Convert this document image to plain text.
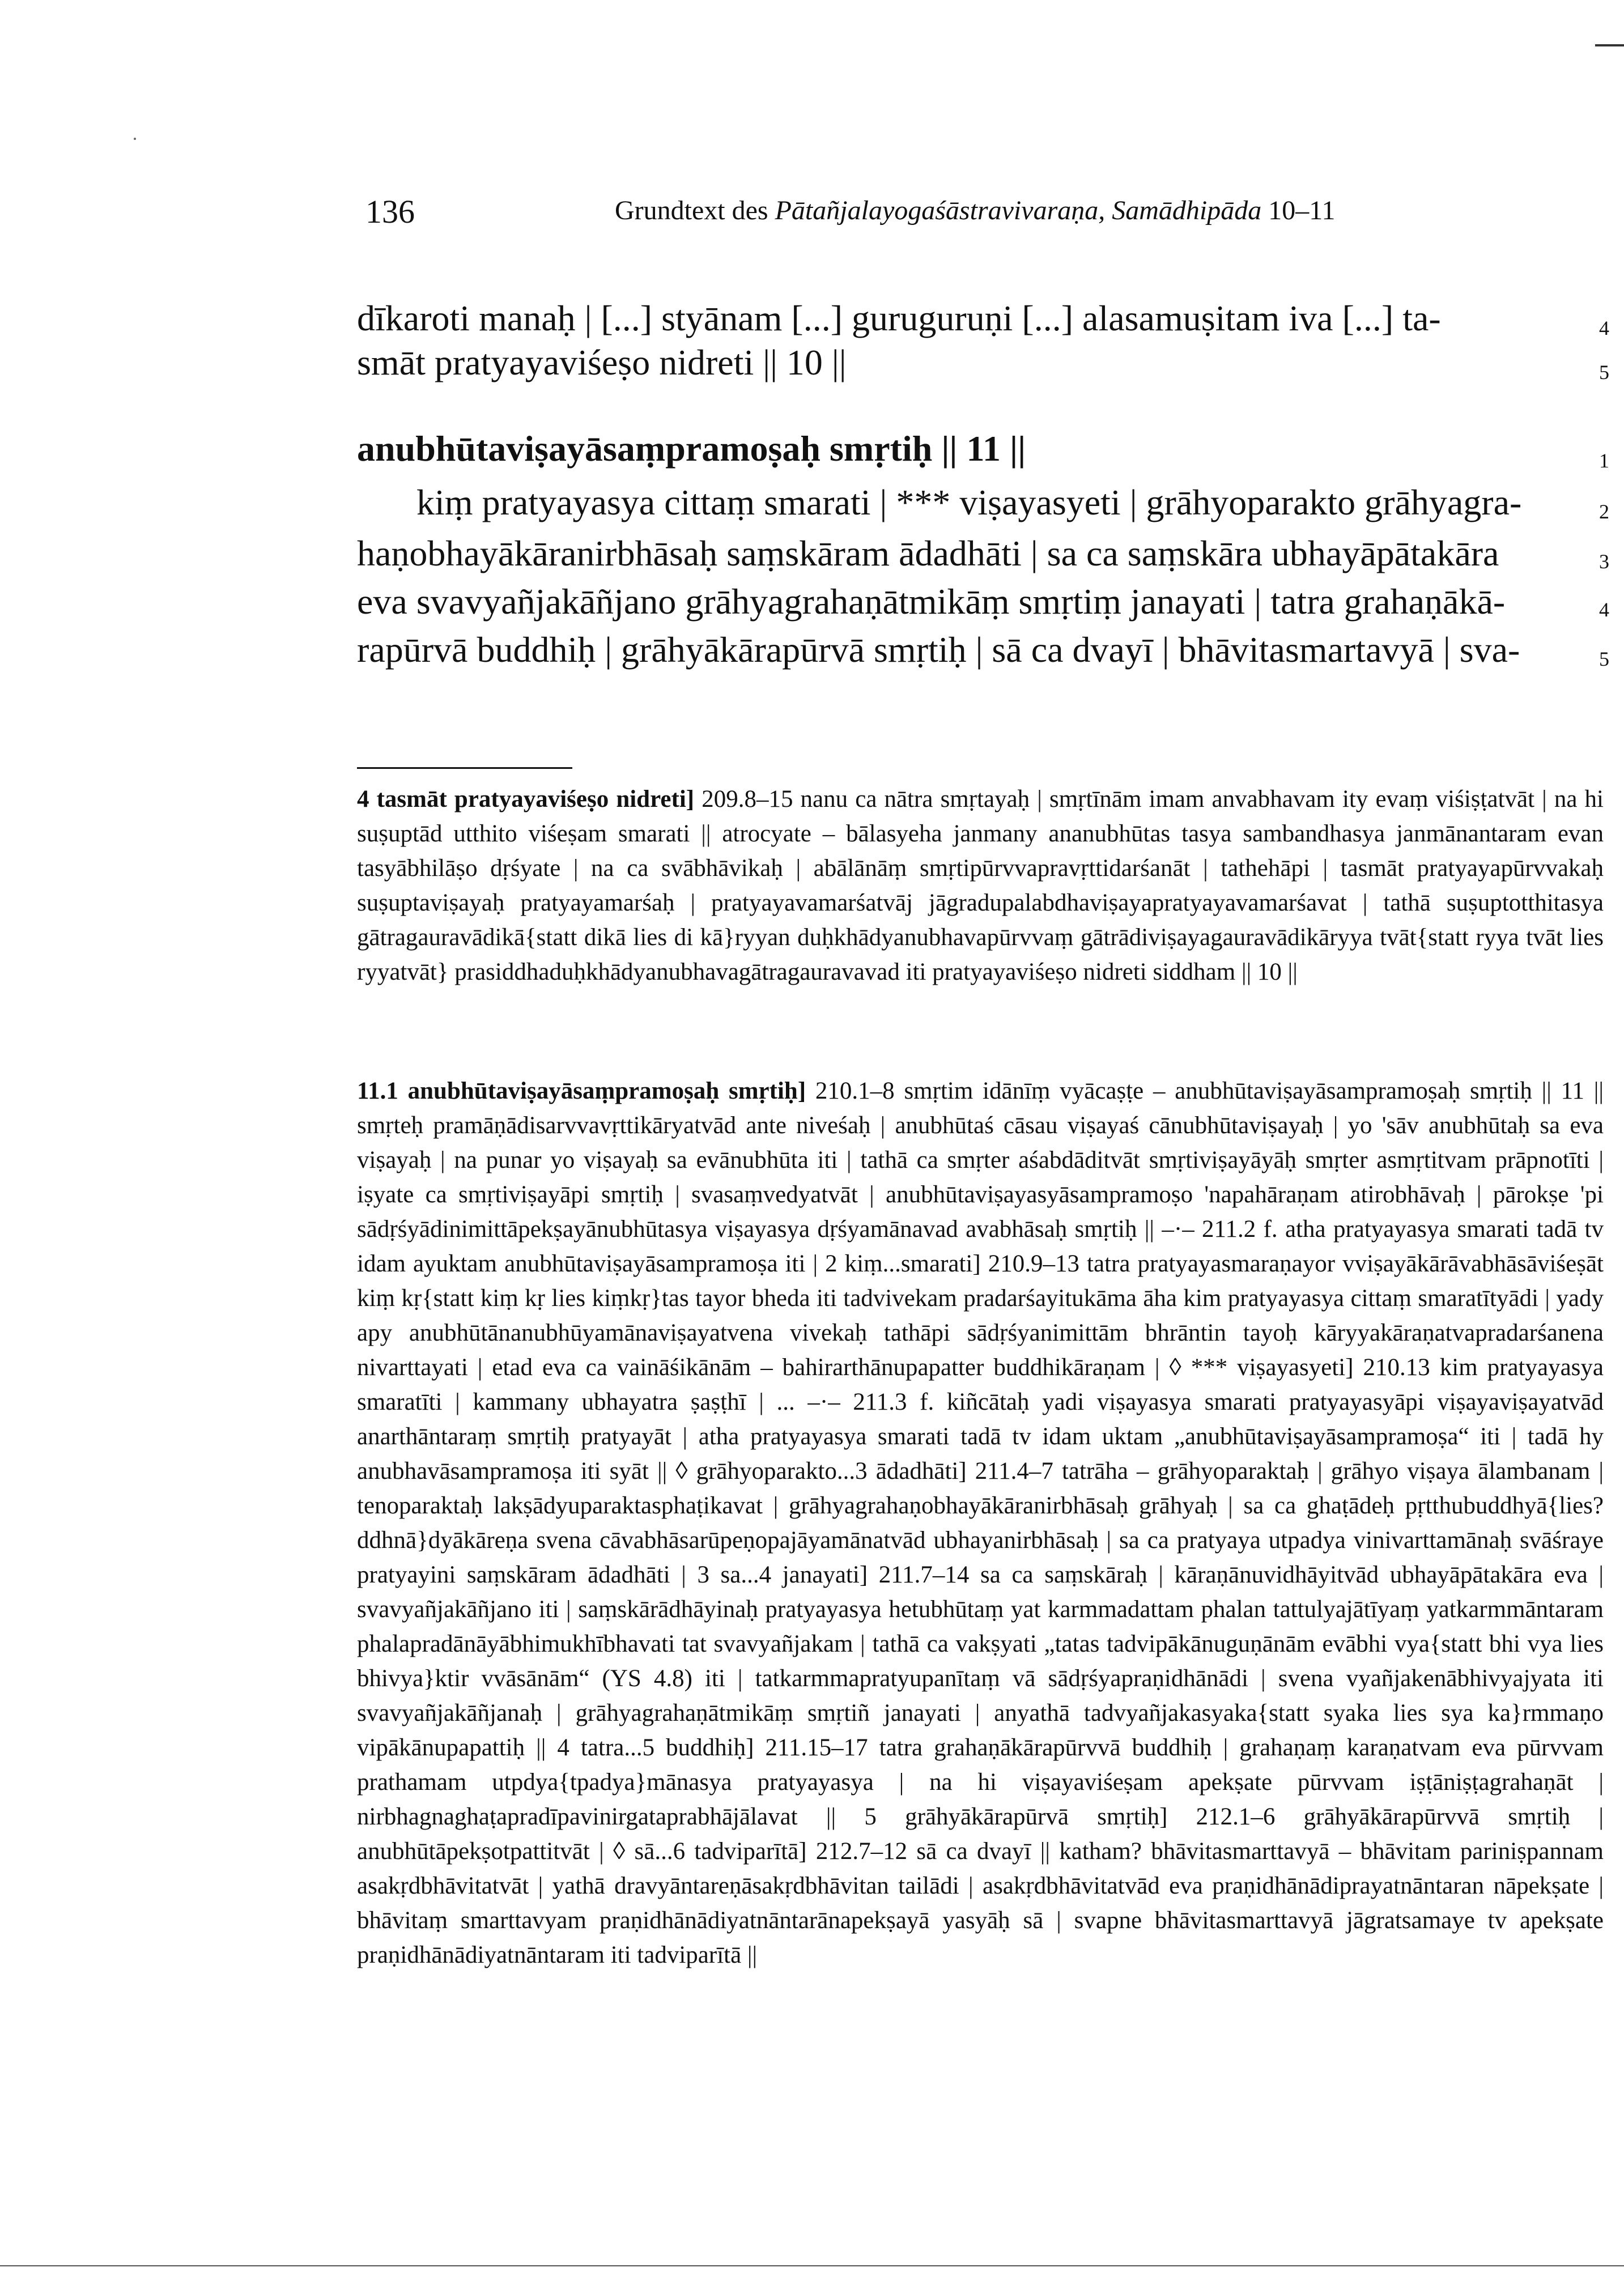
136	Grundtext des Pātañjalayogaśāstravivaraṇa, Samādhipāda 10–11
dīkaroti manaḥ | [...] styānam [...] guruguruṇi [...] alasamuṣitam iva [...] ta-	4
smāt pratyayaviśeṣo nidreti || 10 ||	5
anubhūtaviṣayāsaṃpramoṣaḥ smṛtiḥ || 11 ||	1
kiṃ pratyayasya cittaṃ smarati | *** viṣayasyeti | grāhyoparakto grāhyagra-	2
haṇobhayākāranirbhāsaḥ saṃskāram ādadhāti | sa ca saṃskāra ubhayāpātakāra	3
eva svavyañjakāñjano grāhyagrahaṇātmikāṃ smṛtiṃ janayati | tatra grahaṇākā-	4
rapūrvā buddhiḥ | grāhyākārapūrvā smṛtiḥ | sā ca dvayī | bhāvitasmartavyā | sva-	5
4 tasmāt pratyayaviśeṣo nidreti] 209.8–15 nanu ca nātra smṛtayaḥ | smṛtīnām imam anvabhavam ity evaṃ viśiṣṭatvāt | na hi suṣuptād utthito viśeṣam smarati || atrocyate – bālasyeha janmany ananubhūtas tasya sambandhasya janmānantaram evan tasyābhilāṣo dṛśyate | na ca svābhāvikaḥ | abālānāṃ smṛtipūrvvapravṛttidarśanāt | tathehāpi | tasmāt pratyayapūrvvakaḥ suṣuptaviṣayaḥ pratyayamarśaḥ | pratyayavamarśatvāj jāgradupalabdhaviṣayapratyayavamarśavat | tathā suṣuptotthitasya gātragauravādikā{statt dikā lies di kā}ryyan duḥkhādyanubhavapūrvvaṃ gātrādiviṣayagauravādikāryya tvāt{statt ryya tvāt lies ryyatvāt} prasiddhaduḥkhādyanubhavagātragauravavad iti pratyayaviśeṣo nidreti siddham || 10 ||
11.1 anubhūtaviṣayāsaṃpramoṣaḥ smṛtiḥ] 210.1–8 smṛtim idānīṃ vyācaṣṭe – anubhūtaviṣayāsampramoṣaḥ smṛtiḥ || 11 || smṛteḥ pramāṇādisarvvavṛttikāryatvād ante niveśaḥ | anubhūtaś cāsau viṣayaś cānubhūtaviṣayaḥ | yo 'sāv anubhūtaḥ sa eva viṣayaḥ | na punar yo viṣayaḥ sa evānubhūta iti | tathā ca smṛter aśabdāditvāt smṛtiviṣayāyāḥ smṛter asmṛtitvam prāpnotīti | iṣyate ca smṛtiviṣayāpi smṛtiḥ | svasaṃvedyatvāt | anubhūtaviṣayasyāsampramoṣo 'napahāraṇam atirobhāvaḥ | pārokṣe 'pi sādṛśyādinimittāpekṣayānubhūtasya viṣayasya dṛśyamānavad avabhāsaḥ smṛtiḥ || –·– 211.2 f. atha pratyayasya smarati tadā tv idam ayuktam anubhūtaviṣayāsampramoṣa iti | 2 kiṃ...smarati] 210.9–13 tatra pratyayasmaraṇayor vviṣayākārāvabhāsāviśeṣāt kiṃ kṛ{statt kiṃ kṛ lies kiṃkṛ}tas tayor bheda iti tadvivekam pradarśayitukāma āha kim pratyayasya cittaṃ smaratītyādi | yady apy anubhūtānanubhūyamānaviṣayatvena vivekaḥ tathāpi sādṛśyanimittām bhrāntin tayoḥ kāryyakāraṇatvapradarśanena nivarttayati | etad eva ca vaināśikānām – bahirarthānupapatter buddhikāraṇam | ◊ *** viṣayasyeti] 210.13 kim pratyayasya smaratīti | kammany ubhayatra ṣaṣṭhī | ... –·– 211.3 f. kiñcātaḥ yadi viṣayasya smarati pratyayasyāpi viṣayaviṣayatvād anarthāntaraṃ smṛtiḥ pratyayāt | atha pratyayasya smarati tadā tv idam uktam „anubhūtaviṣayāsampramoṣa“ iti | tadā hy anubhavāsampramoṣa iti syāt || ◊ grāhyoparakto...3 ādadhāti] 211.4–7 tatrāha – grāhyoparaktaḥ | grāhyo viṣaya ālambanam | tenoparaktaḥ lakṣādyuparaktasphaṭikavat | grāhyagrahaṇobhayākāranirbhāsaḥ grāhyaḥ | sa ca ghaṭādeḥ pṛtthubuddhyā{lies? ddhnā}dyākāreṇa svena cāvabhāsarūpeṇopajāyamānatvād ubhayanirbhāsaḥ | sa ca pratyaya utpadya vinivarttamānaḥ svāśraye pratyayini saṃskāram ādadhāti | 3 sa...4 janayati] 211.7–14 sa ca saṃskāraḥ | kāraṇānuvidhāyitvād ubhayāpātakāra eva | svavyañjakāñjano iti | saṃskārādhāyinaḥ pratyayasya hetubhūtaṃ yat karmmadattam phalan tattulyajātīyaṃ yatkarmmāntaram phalapradānāyābhimukhībhavati tat svavyañjakam | tathā ca vakṣyati „tatas tadvipākānuguṇānām evābhi vya{statt bhi vya lies bhivya}ktir vvāsānām“ (YS 4.8) iti | tatkarmmapratyupanītaṃ vā sādṛśyapraṇidhānādi | svena vyañjakenābhivyajyata iti svavyañjakāñjanaḥ | grāhyagrahaṇātmikāṃ smṛtiñ janayati | anyathā tadvyañjakasyaka{statt syaka lies sya ka}rmmaṇo vipākānupapattiḥ || 4 tatra...5 buddhiḥ] 211.15–17 tatra grahaṇākārapūrvvā buddhiḥ | grahaṇaṃ karaṇatvam eva pūrvvam prathamam utpdya{tpadya}mānasya pratyayasya | na hi viṣayaviśeṣam apekṣate pūrvvam iṣṭāniṣṭagrahaṇāt | nirbhagnaghaṭapradīpavinirgataprabhājālavat || 5 grāhyākārapūrvā smṛtiḥ] 212.1–6 grāhyākārapūrvvā smṛtiḥ | anubhūtāpekṣotpattitvāt | ◊ sā...6 tadviparītā] 212.7–12 sā ca dvayī || katham? bhāvitasmarttavyā – bhāvitam pariniṣpannam asakṛdbhāvitatvāt | yathā dravyāntareṇāsakṛdbhāvitan tailādi | asakṛdbhāvitatvād eva praṇidhānādiprayatnāntaran nāpekṣate | bhāvitaṃ smarttavyam praṇidhānādiyatnāntarānapekṣayā yasyāḥ sā | svapne bhāvitasmarttavyā jāgratsamaye tv apekṣate praṇidhānādiyatnāntaram iti tadviparītā ||
